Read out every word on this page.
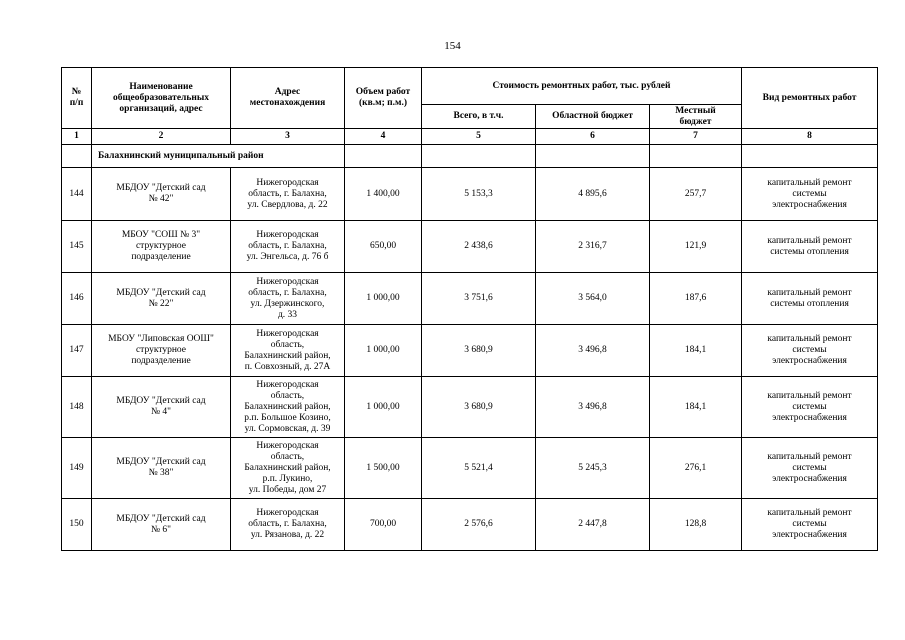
154
№
п/п	Наименование
общеобразовательных
организаций, адрес	Адрес
местонахождения	Объем работ
(кв.м; п.м.)	Стоимость ремонтных работ, тыс. рублей			Вид ремонтных работ
				Всего, в т.ч.	Областной бюджет	Местный
бюджет	
1	2	3	4	5	6	7	8
	Балахнинский муниципальный район						
144	МБДОУ "Детский сад
№ 42"	Нижегородская
область, г. Балахна,
ул. Свердлова, д. 22	1 400,00	5 153,3	4 895,6	257,7	капитальный ремонт
системы
электроснабжения
145	МБОУ "СОШ № 3"
структурное
подразделение	Нижегородская
область, г. Балахна,
ул. Энгельса, д. 76 б	650,00	2 438,6	2 316,7	121,9	капитальный ремонт
системы отопления
146	МБДОУ "Детский сад
№ 22"	Нижегородская
область, г. Балахна,
ул. Дзержинского,
д. 33	1 000,00	3 751,6	3 564,0	187,6	капитальный ремонт
системы отопления
147	МБОУ "Липовская ООШ"
структурное
подразделение	Нижегородская
область,
Балахнинский район,
п. Совхозный, д. 27А	1 000,00	3 680,9	3 496,8	184,1	капитальный ремонт
системы
электроснабжения
148	МБДОУ "Детский сад
№ 4"	Нижегородская
область,
Балахнинский район,
р.п. Большое Козино,
ул. Сормовская, д. 39	1 000,00	3 680,9	3 496,8	184,1	капитальный ремонт
системы
электроснабжения
149	МБДОУ "Детский сад
№ 38"	Нижегородская
область,
Балахнинский район,
р.п. Лукино,
ул. Победы, дом 27	1 500,00	5 521,4	5 245,3	276,1	капитальный ремонт
системы
электроснабжения
150	МБДОУ "Детский сад
№ 6"	Нижегородская
область, г. Балахна,
ул. Рязанова, д. 22	700,00	2 576,6	2 447,8	128,8	капитальный ремонт
системы
электроснабжения
